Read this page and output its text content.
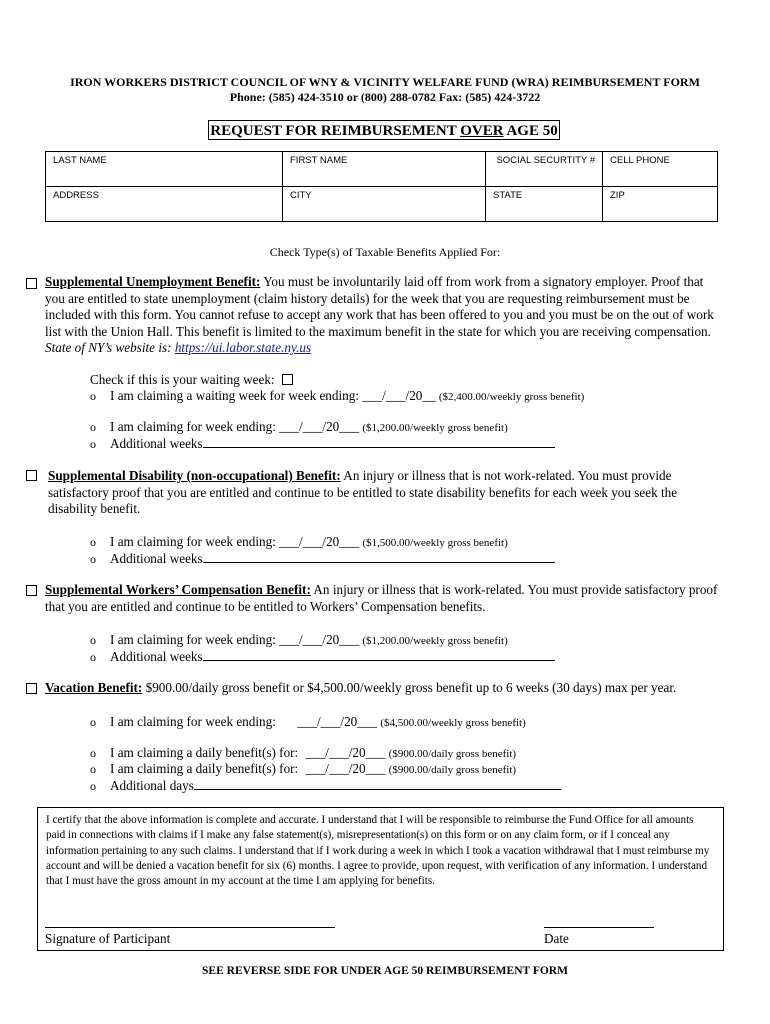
IRON WORKERS DISTRICT COUNCIL OF WNY & VICINITY WELFARE FUND (WRA) REIMBURSEMENT FORM
Phone: (585) 424-3510 or (800) 288-0782 Fax: (585) 424-3722
REQUEST FOR REIMBURSEMENT OVER AGE 50
LAST NAME	FIRST NAME	SOCIAL SECURTITY #	CELL PHONE
ADDRESS	CITY	STATE	ZIP
Check Type(s) of Taxable Benefits Applied For:
Supplemental Unemployment Benefit: You must be involuntarily laid off from work from a signatory employer. Proof that you are entitled to state unemployment (claim history details) for the week that you are requesting reimbursement must be included with this form. You cannot refuse to accept any work that has been offered to you and you must be on the out of work list with the Union Hall. This benefit is limited to the maximum benefit in the state for which you are receiving compensation. State of NY’s website is: https://ui.labor.state.ny.us
Check if this is your waiting week:
o I am claiming a waiting week for week ending: ___/___/20__ ($2,400.00/weekly gross benefit)
o I am claiming for week ending: ___/___/20___ ($1,200.00/weekly gross benefit)
o Additional weeks
Supplemental Disability (non-occupational) Benefit: An injury or illness that is not work-related. You must provide satisfactory proof that you are entitled and continue to be entitled to state disability benefits for each week you seek the disability benefit.
o I am claiming for week ending: ___/___/20___ ($1,500.00/weekly gross benefit)
o Additional weeks
Supplemental Workers’ Compensation Benefit: An injury or illness that is work-related. You must provide satisfactory proof that you are entitled and continue to be entitled to Workers’ Compensation benefits.
o I am claiming for week ending: ___/___/20___ ($1,200.00/weekly gross benefit)
o Additional weeks
Vacation Benefit: $900.00/daily gross benefit or $4,500.00/weekly gross benefit up to 6 weeks (30 days) max per year.
o I am claiming for week ending: ___/___/20___ ($4,500.00/weekly gross benefit)
o I am claiming a daily benefit(s) for: ___/___/20___ ($900.00/daily gross benefit)
o I am claiming a daily benefit(s) for: ___/___/20___ ($900.00/daily gross benefit)
o Additional days
I certify that the above information is complete and accurate. I understand that I will be responsible to reimburse the Fund Office for all amounts paid in connections with claims if I make any false statement(s), misrepresentation(s) on this form or on any claim form, or if I conceal any information pertaining to any such claims. I understand that if I work during a week in which I took a vacation withdrawal that I must reimburse my account and will be denied a vacation benefit for six (6) months. I agree to provide, upon request, with verification of any information. I understand that I must have the gross amount in my account at the time I am applying for benefits.
Signature of Participant	Date
SEE REVERSE SIDE FOR UNDER AGE 50 REIMBURSEMENT FORM
